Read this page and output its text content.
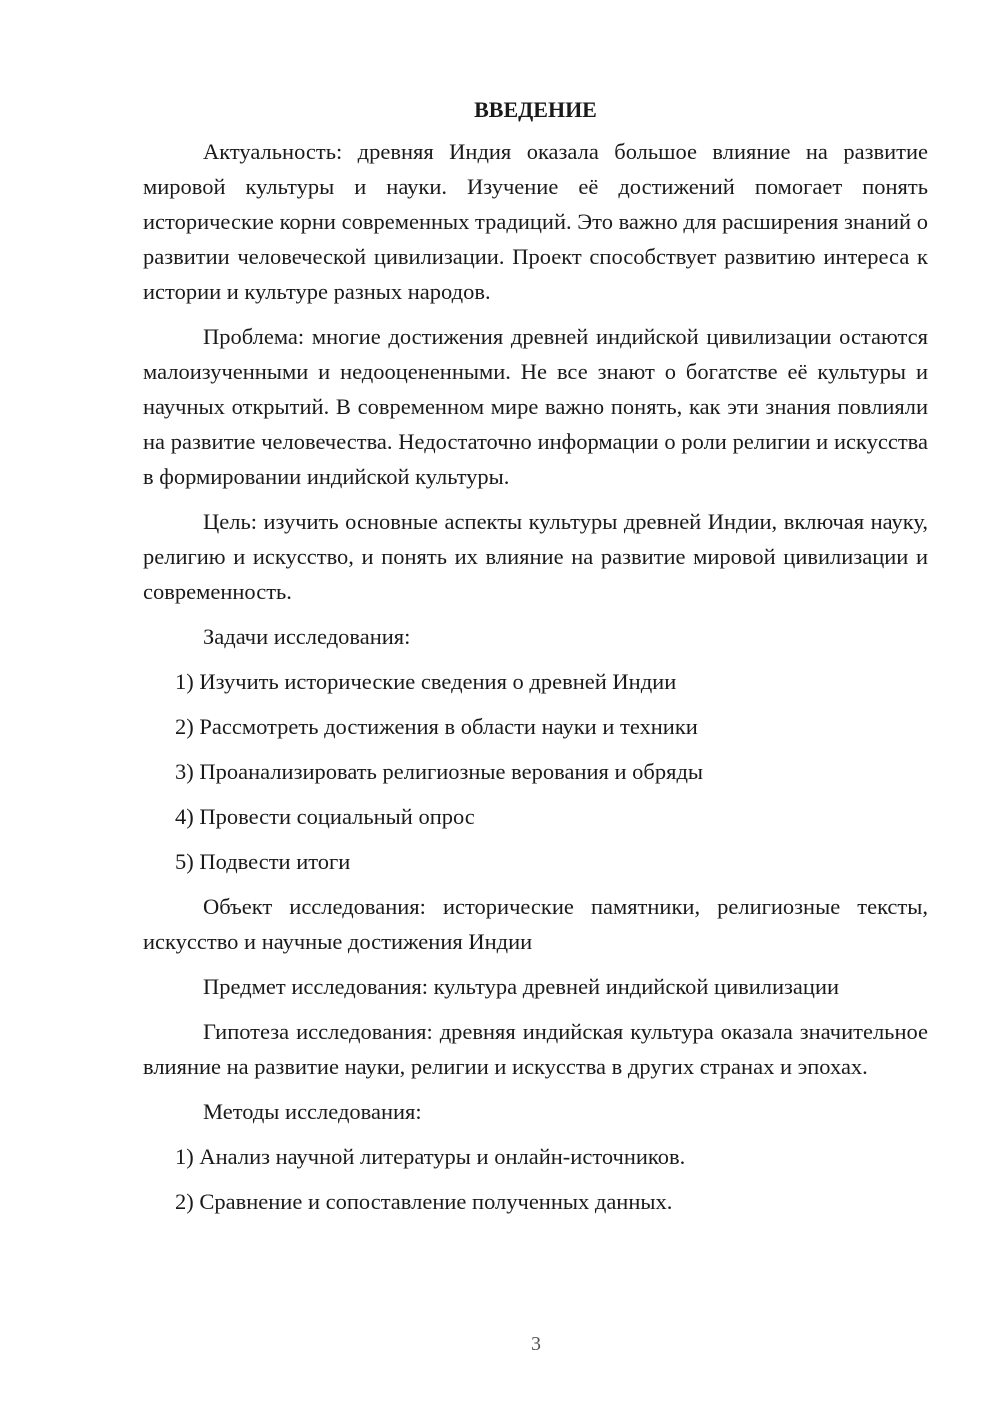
ВВЕДЕНИЕ

Актуальность: древняя Индия оказала большое влияние на развитие мировой культуры и науки. Изучение её достижений помогает понять исторические корни современных традиций. Это важно для расширения знаний о развитии человеческой цивилизации. Проект способствует развитию интереса к истории и культуре разных народов.

Проблема: многие достижения древней индийской цивилизации остаются малоизученными и недооцененными. Не все знают о богатстве её культуры и научных открытий. В современном мире важно понять, как эти знания повлияли на развитие человечества. Недостаточно информации о роли религии и искусства в формировании индийской культуры.

Цель: изучить основные аспекты культуры древней Индии, включая науку, религию и искусство, и понять их влияние на развитие мировой цивилизации и современность.

Задачи исследования:

1) Изучить исторические сведения о древней Индии
2) Рассмотреть достижения в области науки и техники
3) Проанализировать религиозные верования и обряды
4) Провести социальный опрос
5) Подвести итоги

Объект исследования: исторические памятники, религиозные тексты, искусство и научные достижения Индии

Предмет исследования: культура древней индийской цивилизации

Гипотеза исследования: древняя индийская культура оказала значительное влияние на развитие науки, религии и искусства в других странах и эпохах.

Методы исследования:

1) Анализ научной литературы и онлайн-источников.
2) Сравнение и сопоставление полученных данных.
3
